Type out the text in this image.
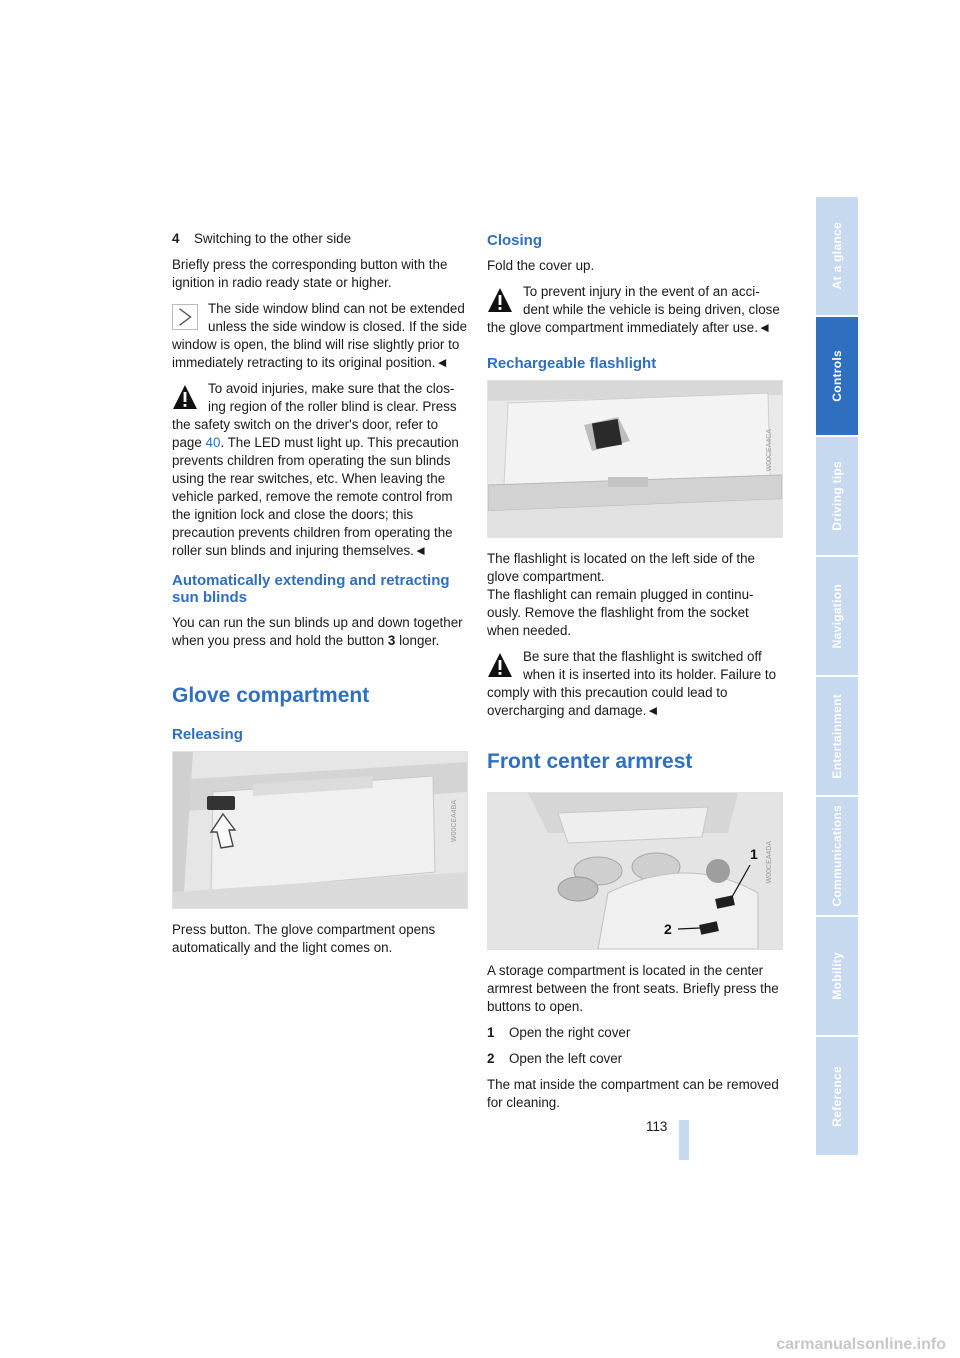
4 Switching to the other side

Briefly press the corresponding button with the ignition in radio ready state or higher.

The side window blind can not be extended unless the side window is closed. If the side window is open, the blind will rise slightly prior to immediately retracting to its original position.◄
To avoid injuries, make sure that the clos-ing region of the roller blind is clear. Press the safety switch on the driver's door, refer to page 40. The LED must light up. This precaution prevents children from operating the sun blinds using the rear switches, etc. When leaving the vehicle parked, remove the remote control from the ignition lock and close the doors; this precaution prevents children from operating the roller sun blinds and injuring themselves.◄
Automatically extending and retracting sun blinds

You can run the sun blinds up and down together when you press and hold the button 3 longer.

Glove compartment
Releasing
W00CEA4BA

Press button. The glove compartment opens automatically and the light comes on.

Closing

Fold the cover up.

To prevent injury in the event of an acci-dent while the vehicle is being driven, close the glove compartment immediately after use.◄
Rechargeable flashlight
W00CEA4CA

The flashlight is located on the left side of the glove compartment.

The flashlight can remain plugged in continu-ously. Remove the flashlight from the socket when needed.

Be sure that the flashlight is switched off when it is inserted into its holder. Failure to comply with this precaution could lead to overcharging and damage.◄
Front center armrest
1
2
W00CEA4DA

A storage compartment is located in the center armrest between the front seats. Briefly press the buttons to open.

1 Open the right cover

2 Open the left cover

The mat inside the compartment can be removed for cleaning.

113
At a glance
Controls
Driving tips
Navigation
Entertainment
Communications
Mobility
Reference
carmanualsonline.info
